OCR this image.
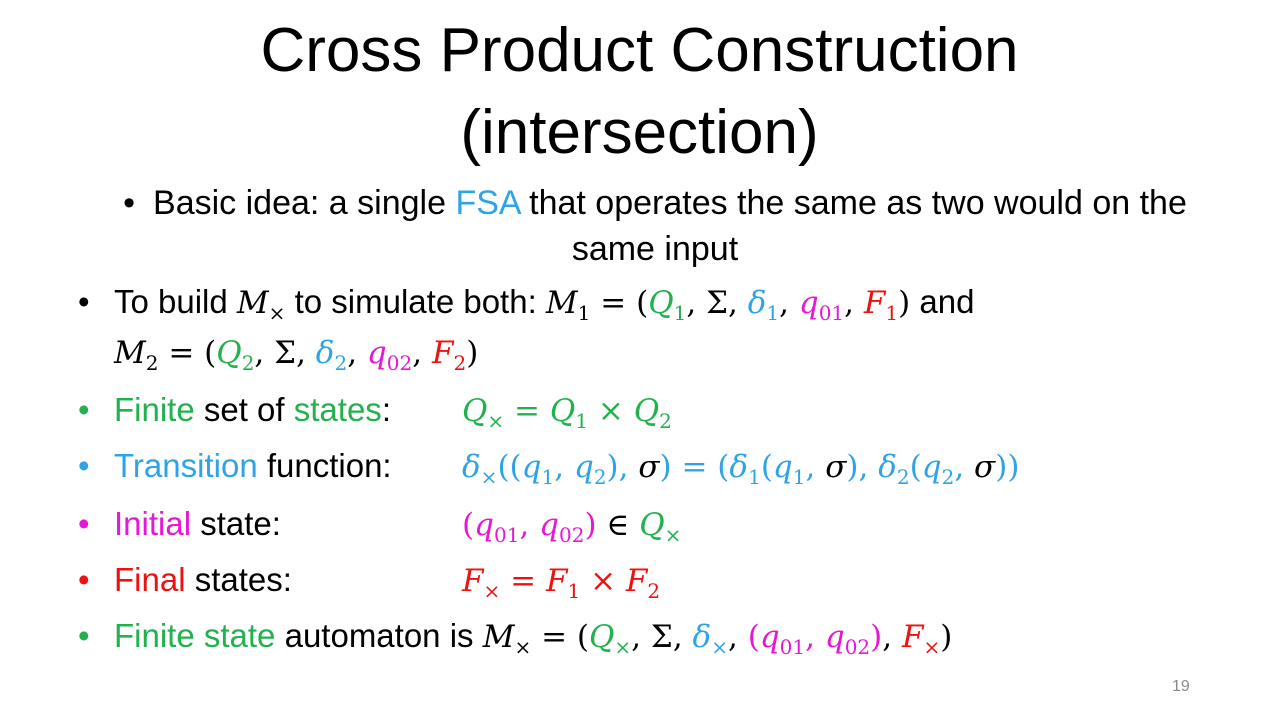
Cross Product Construction
(intersection)
• Basic idea: a single FSA that operates the same as two would on the same input
• To build $M_\times$ to simulate both: $M_1 = (Q_1$, Σ, $\delta_1$, $q_{01}$, $F_1$) and
$M_2 = (Q_2$, Σ, $\delta_2$, $q_{02}$, $F_2$)
• Finite set of states: $Q_\times = Q_1 \times Q_2$
• Transition function: $\delta_\times((q_1$, $q_2$), $\sigma) = (\delta_1(q_1$, σ), $\delta_2(q_2$, σ))
• Initial state:	($q_{01}$, $q_{02}$) ∈ $Q_\times$
• Final states:	$F_\times = F_1 \times F_2$
• Finite state automaton is $M_\times = (Q_\times$, Σ, $\delta_\times$, ($q_{01}$, $q_{02}$), $F_\times$)
19
